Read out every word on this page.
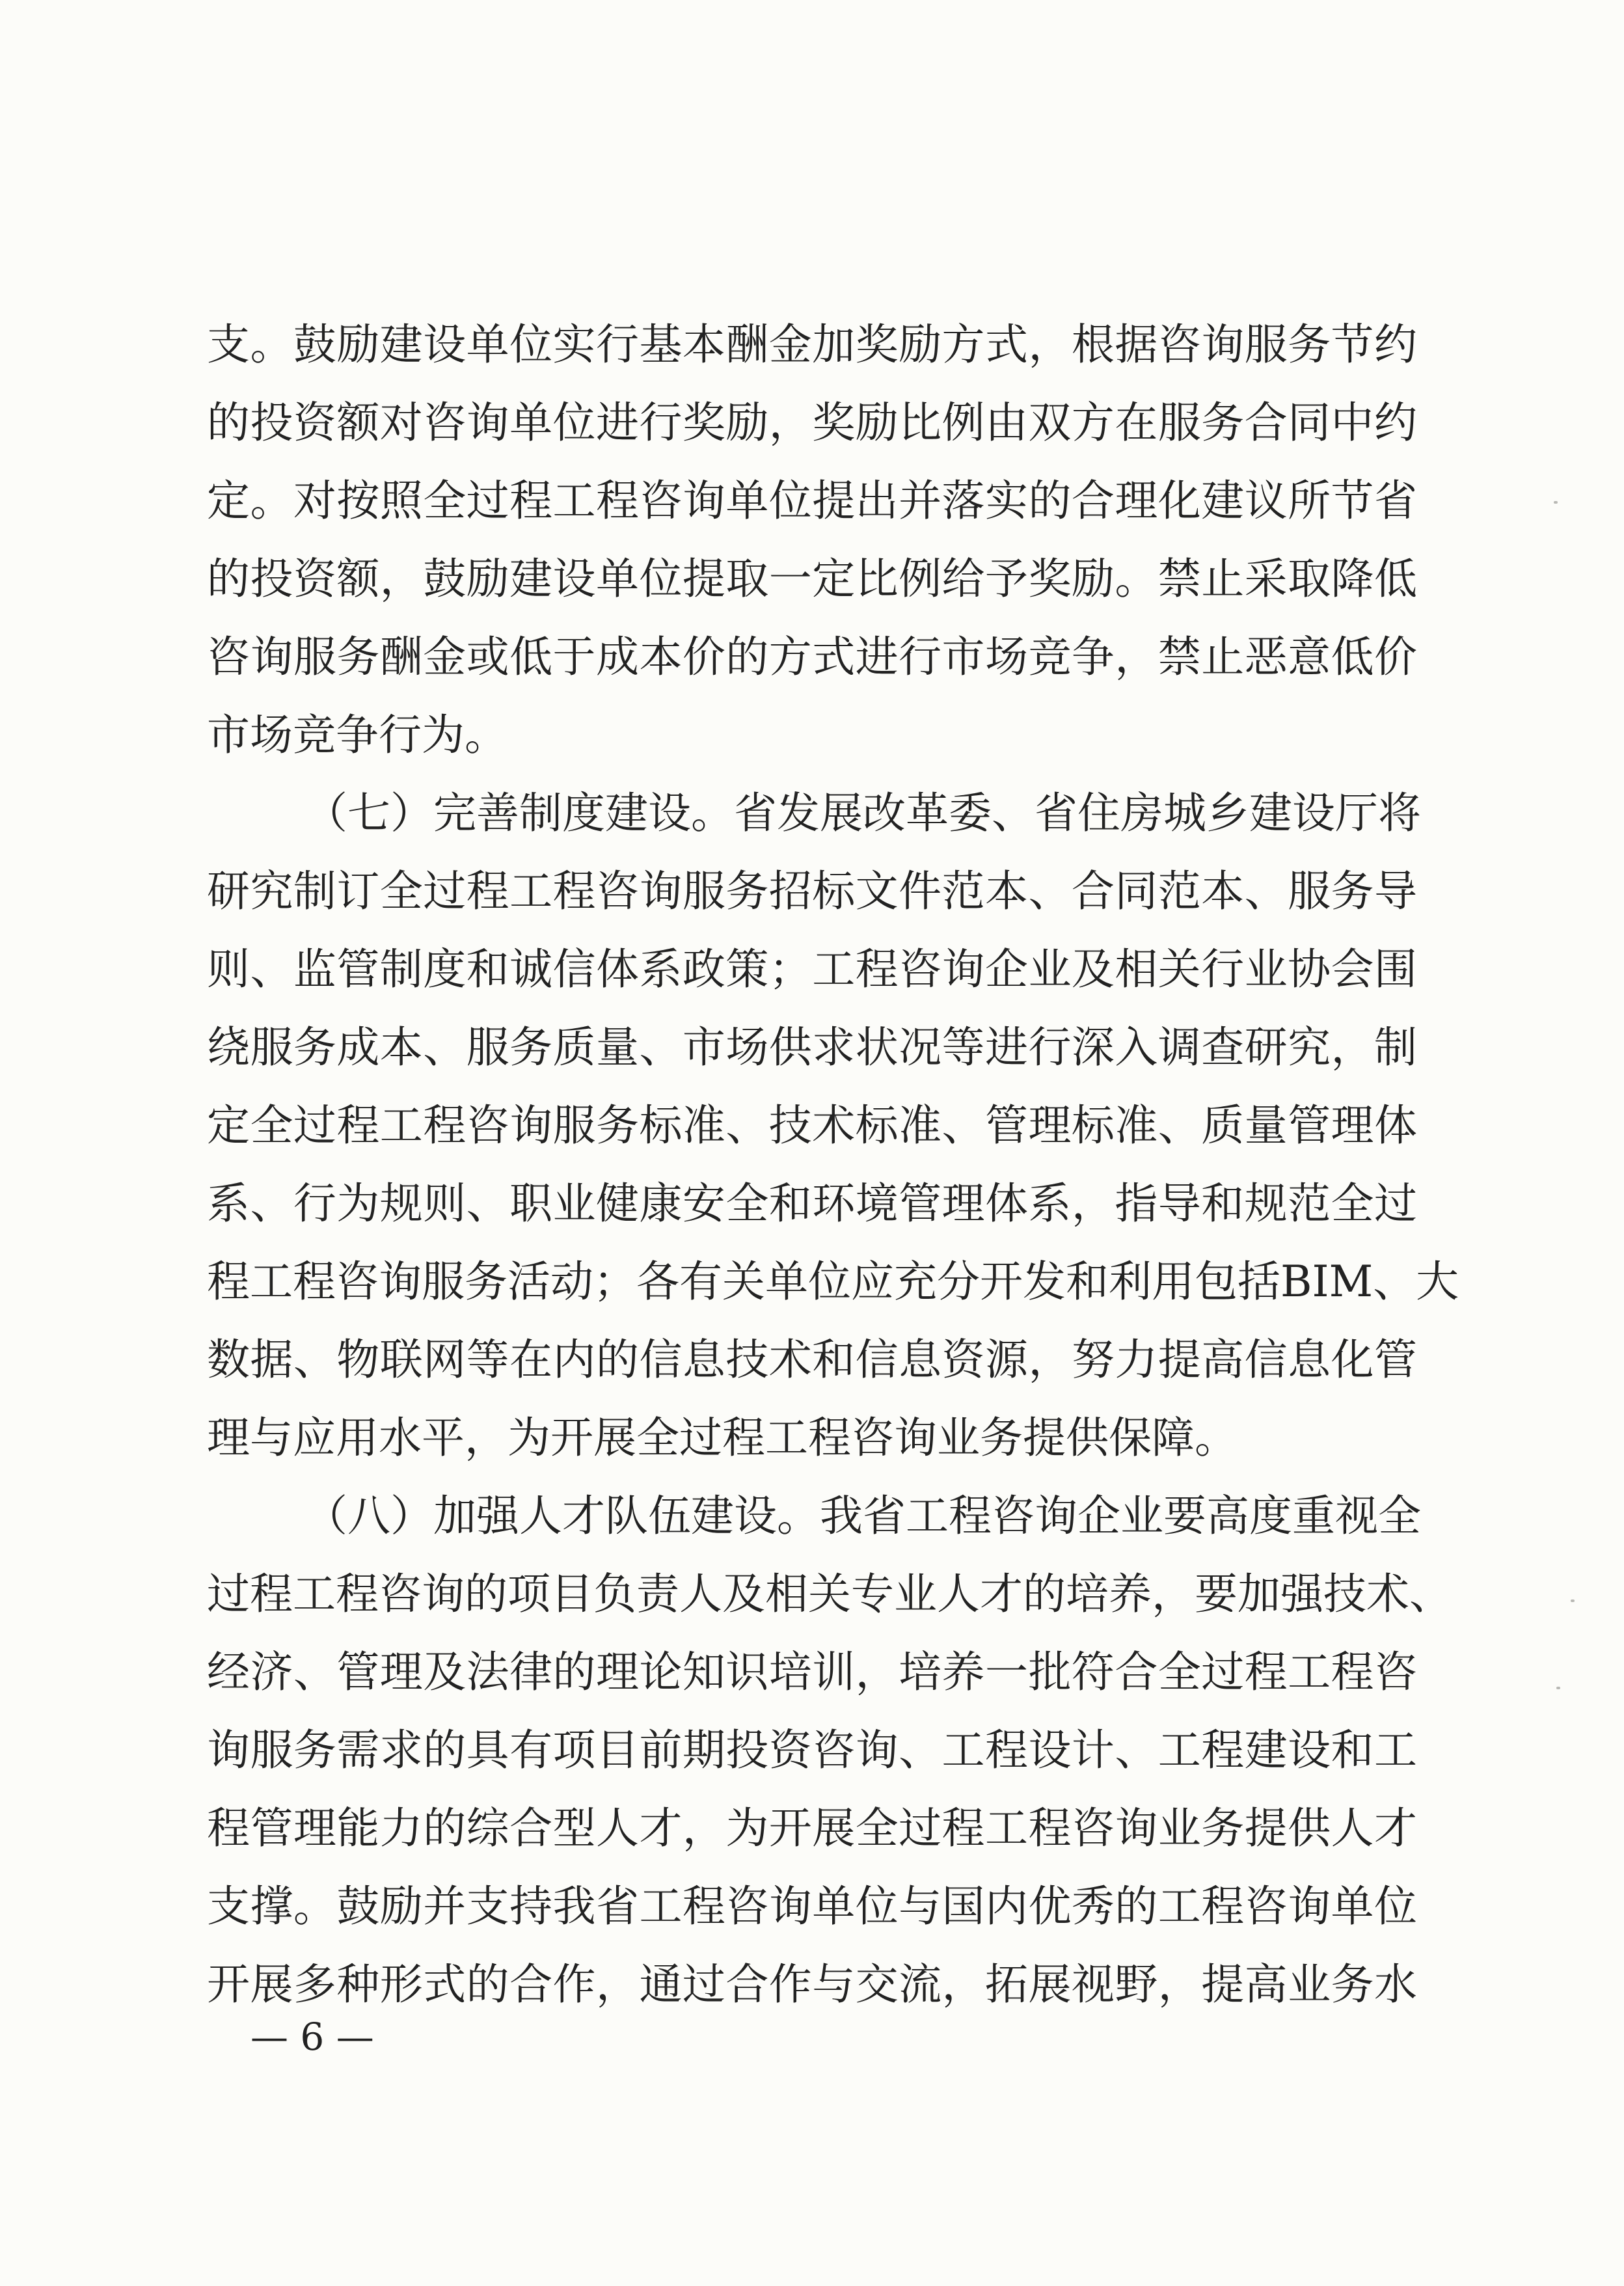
支。鼓励建设单位实行基本酬金加奖励方式，根据咨询服务节约
的投资额对咨询单位进行奖励，奖励比例由双方在服务合同中约
定。对按照全过程工程咨询单位提出并落实的合理化建议所节省
的投资额，鼓励建设单位提取一定比例给予奖励。禁止采取降低
咨询服务酬金或低于成本价的方式进行市场竞争，禁止恶意低价
市场竞争行为。
（七）完善制度建设。省发展改革委、省住房城乡建设厅将
研究制订全过程工程咨询服务招标文件范本、合同范本、服务导
则、监管制度和诚信体系政策；工程咨询企业及相关行业协会围
绕服务成本、服务质量、市场供求状况等进行深入调查研究，制
定全过程工程咨询服务标准、技术标准、管理标准、质量管理体
系、行为规则、职业健康安全和环境管理体系，指导和规范全过
程工程咨询服务活动；各有关单位应充分开发和利用包括BIM、大
数据、物联网等在内的信息技术和信息资源，努力提高信息化管
理与应用水平，为开展全过程工程咨询业务提供保障。
（八）加强人才队伍建设。我省工程咨询企业要高度重视全
过程工程咨询的项目负责人及相关专业人才的培养，要加强技术、
经济、管理及法律的理论知识培训，培养一批符合全过程工程咨
询服务需求的具有项目前期投资咨询、工程设计、工程建设和工
程管理能力的综合型人才，为开展全过程工程咨询业务提供人才
支撑。鼓励并支持我省工程咨询单位与国内优秀的工程咨询单位
开展多种形式的合作，通过合作与交流，拓展视野，提高业务水
— 6 —
